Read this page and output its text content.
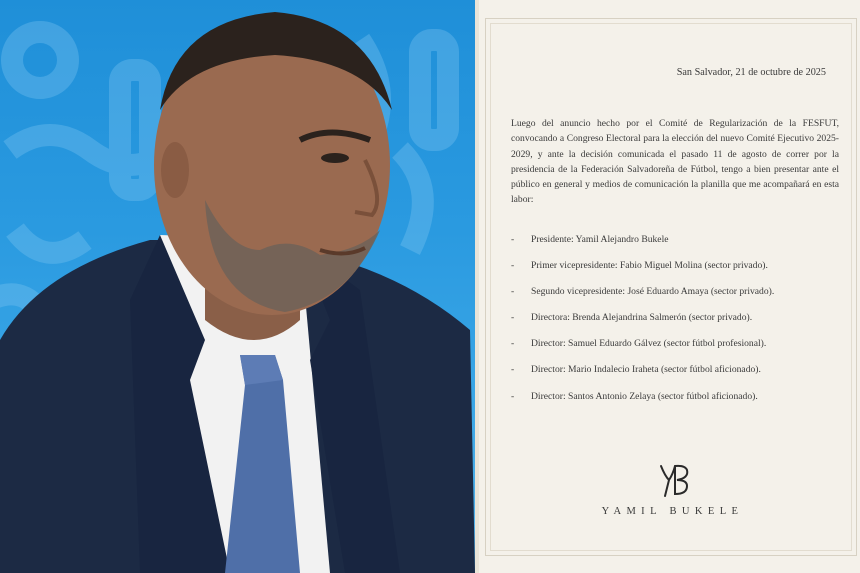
San Salvador, 21 de octubre de 2025
Luego del anuncio hecho por el Comité de Regularización de la FESFUT, convocando a Congreso Electoral para la elección del nuevo Comité Ejecutivo 2025-2029, y ante la decisión comunicada el pasado 11 de agosto de correr por la presidencia de la Federación Salvadoreña de Fútbol, tengo a bien presentar ante el público en general y medios de comunicación la planilla que me acompañará en esta labor:
- Presidente: Yamil Alejandro Bukele
- Primer vicepresidente: Fabio Miguel Molina (sector privado).
- Segundo vicepresidente: José Eduardo Amaya (sector privado).
- Directora: Brenda Alejandrina Salmerón (sector privado).
- Director: Samuel Eduardo Gálvez (sector fútbol profesional).
- Director: Mario Indalecio Iraheta (sector fútbol aficionado).
- Director: Santos Antonio Zelaya (sector fútbol aficionado).
YAMIL BUKELE
